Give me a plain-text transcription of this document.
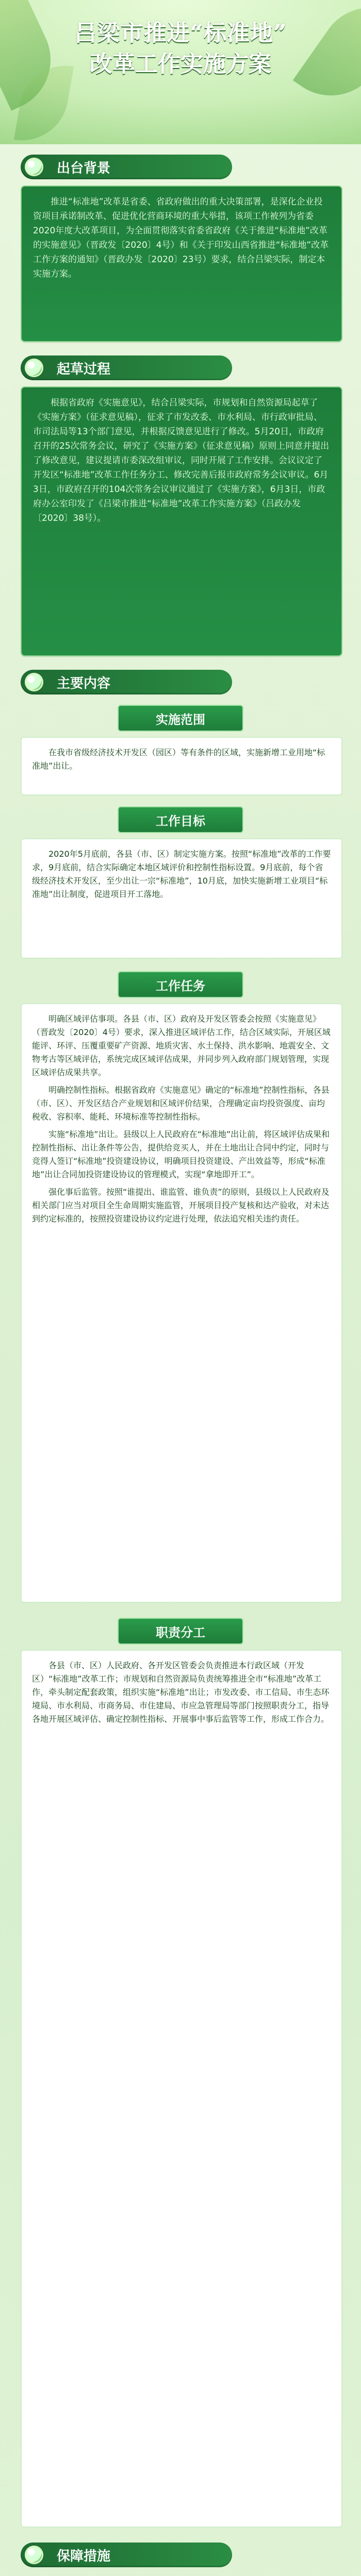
吕梁市推进“标准地”
改革工作实施方案
出台背景
推进“标准地”改革是省委、省政府做出的重大决策部署，是深化企业投资项目承诺制改革、促进优化营商环境的重大举措，该项工作被列为省委2020年度大改革项目，为全面贯彻落实省委省政府《关于推进“标准地”改革的实施意见》（晋政发〔2020〕4号）和《关于印发山西省推进“标准地”改革工作方案的通知》（晋政办发〔2020〕23号）要求，结合吕梁实际，制定本实施方案。
起草过程
根据省政府《实施意见》，结合吕梁实际，市规划和自然资源局起草了《实施方案》（征求意见稿），征求了市发改委、市水利局、市行政审批局、市司法局等13个部门意见，并根据反馈意见进行了修改。5月20日，市政府召开的25次常务会议，研究了《实施方案》（征求意见稿）原则上同意并提出了修改意见，建议提请市委深改组审议，同时开展了工作安排。会议议定了开发区“标准地”改革工作任务分工、修改完善后报市政府常务会议审议。6月3日，市政府召开的104次常务会议审议通过了《实施方案》，6月3日，市政府办公室印发了《吕梁市推进“标准地”改革工作实施方案》（吕政办发〔2020〕38号）。
主要内容
实施范围

在我市省级经济技术开发区（园区）等有条件的区域，实施新增工业用地“标准地”出让。

工作目标

2020年5月底前，各县（市、区）制定实施方案。按照“标准地”改革的工作要求，9月底前，结合实际确定本地区域评价和控制性指标设置。9月底前，每个省级经济技术开发区，至少出让一宗“标准地”，10月底，加快实施新增工业项目“标准地”出让制度，促进项目开工落地。

工作任务

明确区域评估事项。各县（市、区）政府及开发区管委会按照《实施意见》（晋政发〔2020〕4号）要求，深入推进区域评估工作，结合区域实际，开展区域能评、环评、压覆重要矿产资源、地质灾害、水土保持、洪水影响、地震安全、文物考古等区域评估，系统完成区域评估成果，并同步列入政府部门规划管理，实现区域评估成果共享。

明确控制性指标。根据省政府《实施意见》确定的“标准地”控制性指标，各县（市、区）、开发区结合产业规划和区域评价结果，合理确定亩均投资强度、亩均税收、容积率、能耗、环境标准等控制性指标。

实施“标准地”出让。县级以上人民政府在“标准地”出让前，将区域评估成果和控制性指标、出让条件等公告，提供给竞买人，并在土地出让合同中约定，同时与竞得人签订“标准地”投资建设协议，明确项目投资建设、产出效益等，形成“标准地”出让合同加投资建设协议的管理模式，实现“拿地即开工”。

强化事后监管。按照“谁提出、谁监管、谁负责”的原则，县级以上人民政府及相关部门应当对项目全生命周期实施监管，开展项目投产复核和达产验收，对未达到约定标准的，按照投资建设协议约定进行处理，依法追究相关违约责任。

职责分工

各县（市、区）人民政府、各开发区管委会负责推进本行政区域（开发区）“标准地”改革工作；市规划和自然资源局负责统筹推进全市“标准地”改革工作，牵头制定配套政策，组织实施“标准地”出让；市发改委、市工信局、市生态环境局、市水利局、市商务局、市住建局、市应急管理局等部门按照职责分工，指导各地开展区域评估、确定控制性指标、开展事中事后监管等工作，形成工作合力。

保障措施
